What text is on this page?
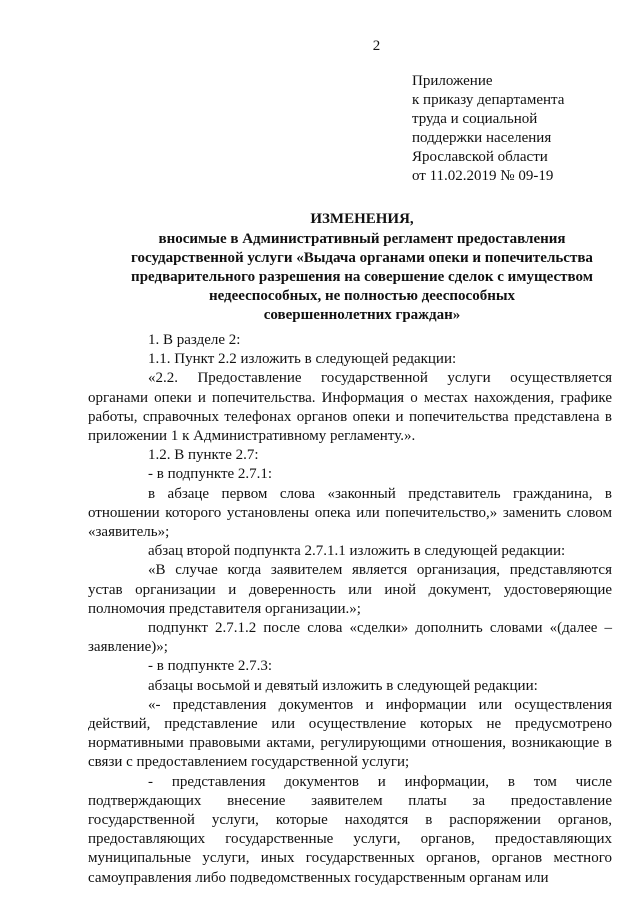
2
Приложение
к приказу департамента
труда и социальной
поддержки населения
Ярославской области
от 11.02.2019 № 09-19
ИЗМЕНЕНИЯ,
вносимые в Административный регламент предоставления
государственной услуги «Выдача органами опеки и попечительства
предварительного разрешения на совершение сделок с имуществом
недееспособных, не полностью дееспособных
совершеннолетних граждан»

1. В разделе 2:

1.1. Пункт 2.2 изложить в следующей редакции:

«2.2. Предоставление государственной услуги осуществляется органами опеки и попечительства. Информация о местах нахождения, графике работы, справочных телефонах органов опеки и попечительства представлена в приложении 1 к Административному регламенту.».

1.2. В пункте 2.7:

- в подпункте 2.7.1:

в абзаце первом слова «законный представитель гражданина, в отношении которого установлены опека или попечительство,» заменить словом «заявитель»;

абзац второй подпункта 2.7.1.1 изложить в следующей редакции:

«В случае когда заявителем является организация, представляются устав организации и доверенность или иной документ, удостоверяющие полномочия представителя организации.»;

подпункт 2.7.1.2 после слова «сделки» дополнить словами «(далее – заявление)»;

- в подпункте 2.7.3:

абзацы восьмой и девятый изложить в следующей редакции:

«- представления документов и информации или осуществления действий, представление или осуществление которых не предусмотрено нормативными правовыми актами, регулирующими отношения, возникающие в связи с предоставлением государственной услуги;

- представления документов и информации, в том числе подтверждающих внесение заявителем платы за предоставление государственной услуги, которые находятся в распоряжении органов, предоставляющих государственные услуги, органов, предоставляющих муниципальные услуги, иных государственных органов, органов местного самоуправления либо подведомственных государственным органам или
